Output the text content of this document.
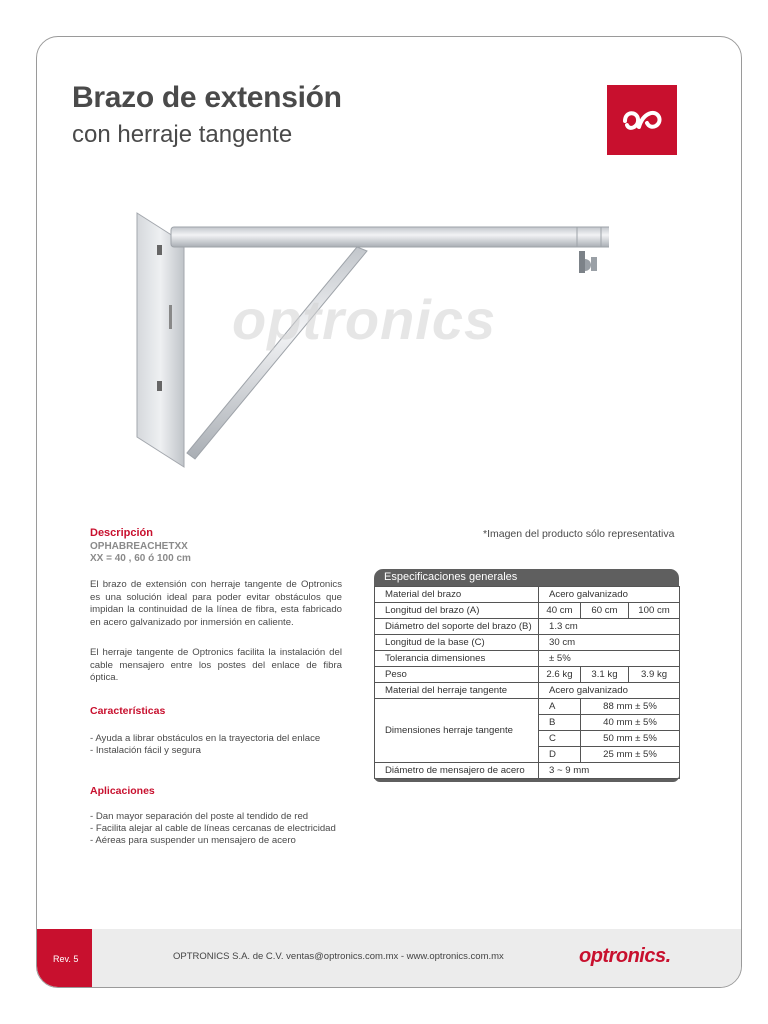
Brazo de extensión
con herraje tangente
optronics
Descripción
OPHABREACHETXX
XX = 40 , 60 ó 100 cm
*Imagen del producto sólo representativa
El brazo de extensión con herraje tangente de Optronics es una solución ideal para poder evitar obstáculos que impidan la continuidad de la línea de fibra, esta fabricado en acero galvanizado por inmersión en caliente.
El herraje tangente de Optronics facilita la instalación del cable mensajero entre los postes del enlace de fibra óptica.
Características
- Ayuda a librar obstáculos en la trayectoria del enlace
- Instalación fácil y segura
Aplicaciones
- Dan mayor separación del poste al tendido de red
- Facilita alejar al cable de líneas cercanas de electricidad
- Aéreas para suspender un mensajero de acero
Especificaciones generales
Material del brazo	Acero galvanizado		
Longitud del brazo (A)	40 cm	60 cm	100 cm
Diámetro del soporte del brazo (B)	1.3 cm		
Longitud de la base (C)	30 cm		
Tolerancia dimensiones	± 5%		
Peso	2.6 kg	3.1 kg	3.9 kg
Material del herraje tangente	Acero galvanizado		
Dimensiones herraje tangente	A	88 mm ± 5%	
	B	40 mm ± 5%	
	C	50 mm ± 5%	
	D	25 mm ± 5%	
Diámetro de mensajero de acero	3 ~ 9 mm		
Rev. 5	OPTRONICS S.A. de C.V. ventas@optronics.com.mx - www.optronics.com.mx	optronics.
